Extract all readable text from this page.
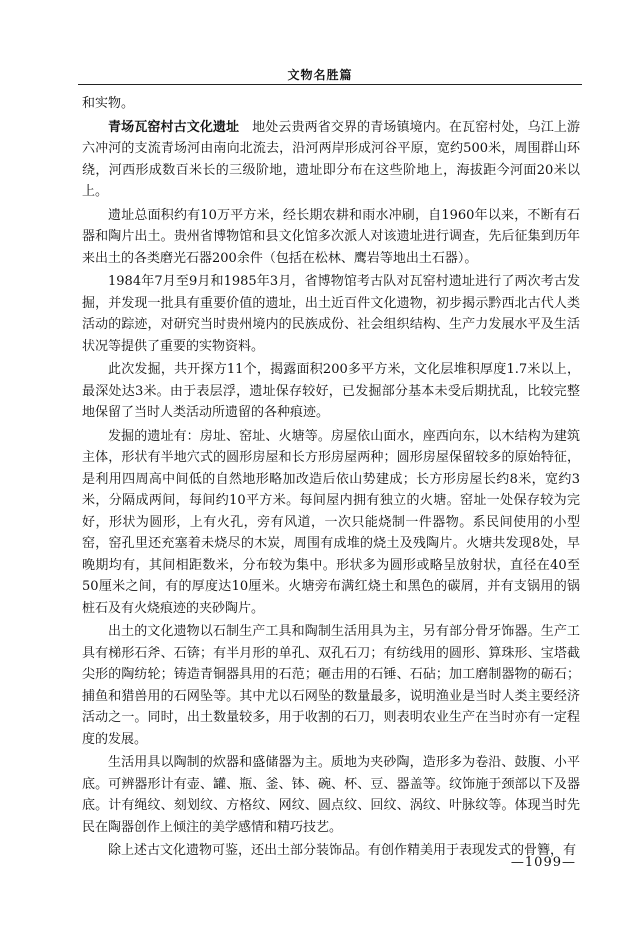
文物名胜篇

和实物。

青场瓦窑村古文化遗址 地处云贵两省交界的青场镇境内。在瓦窑村处，乌江上游六冲河的支流青场河由南向北流去，沿河两岸形成河谷平原，宽约500米，周围群山环绕，河西形成数百米长的三级阶地，遗址即分布在这些阶地上，海拔距今河面20米以上。

遗址总面积约有10万平方米，经长期农耕和雨水冲刷，自1960年以来，不断有石器和陶片出土。贵州省博物馆和县文化馆多次派人对该遗址进行调查，先后征集到历年来出土的各类磨光石器200余件（包括在松林、鹰岩等地出土石器）。

1984年7月至9月和1985年3月，省博物馆考古队对瓦窑村遗址进行了两次考古发掘，并发现一批具有重要价值的遗址，出土近百件文化遗物，初步揭示黔西北古代人类活动的踪迹，对研究当时贵州境内的民族成份、社会组织结构、生产力发展水平及生活状况等提供了重要的实物资料。

此次发掘，共开探方11个，揭露面积200多平方米，文化层堆积厚度1.7米以上，最深处达3米。由于表层浮，遗址保存较好，已发掘部分基本未受后期扰乱，比较完整地保留了当时人类活动所遗留的各种痕迹。

发掘的遗址有：房址、窑址、火塘等。房屋依山面水，座西向东，以木结构为建筑主体，形状有半地穴式的圆形房屋和长方形房屋两种；圆形房屋保留较多的原始特征，是利用四周高中间低的自然地形略加改造后依山势建成；长方形房屋长约8米，宽约3米，分隔成两间，每间约10平方米。每间屋内拥有独立的火塘。窑址一处保存较为完好，形状为圆形，上有火孔，旁有风道，一次只能烧制一件器物。系民间使用的小型窑，窑孔里还充塞着未烧尽的木炭，周围有成堆的烧土及残陶片。火塘共发现8处，早晚期均有，其间相距数米，分布较为集中。形状多为圆形或略呈放射状，直径在40至50厘米之间，有的厚度达10厘米。火塘旁布满红烧土和黑色的碳屑，并有支锅用的锅桩石及有火烧痕迹的夹砂陶片。

出土的文化遗物以石制生产工具和陶制生活用具为主，另有部分骨牙饰器。生产工具有梯形石斧、石锛；有半月形的单孔、双孔石刀；有纺线用的圆形、算珠形、宝塔截尖形的陶纺轮；铸造青铜器具用的石范；砸击用的石锤、石砧；加工磨制器物的砺石；捕鱼和猎兽用的石网坠等。其中尤以石网坠的数量最多，说明渔业是当时人类主要经济活动之一。同时，出土数量较多，用于收割的石刀，则表明农业生产在当时亦有一定程度的发展。

生活用具以陶制的炊器和盛储器为主。质地为夹砂陶，造形多为卷沿、鼓腹、小平底。可辨器形计有壶、罐、瓶、釜、钵、碗、杯、豆、器盖等。纹饰施于颈部以下及器底。计有绳纹、刻划纹、方格纹、网纹、圆点纹、回纹、涡纹、叶脉纹等。体现当时先民在陶器创作上倾注的美学感情和精巧技艺。

除上述古文化遗物可鉴，还出土部分装饰品。有创作精美用于表现发式的骨簪，有

—1099—
